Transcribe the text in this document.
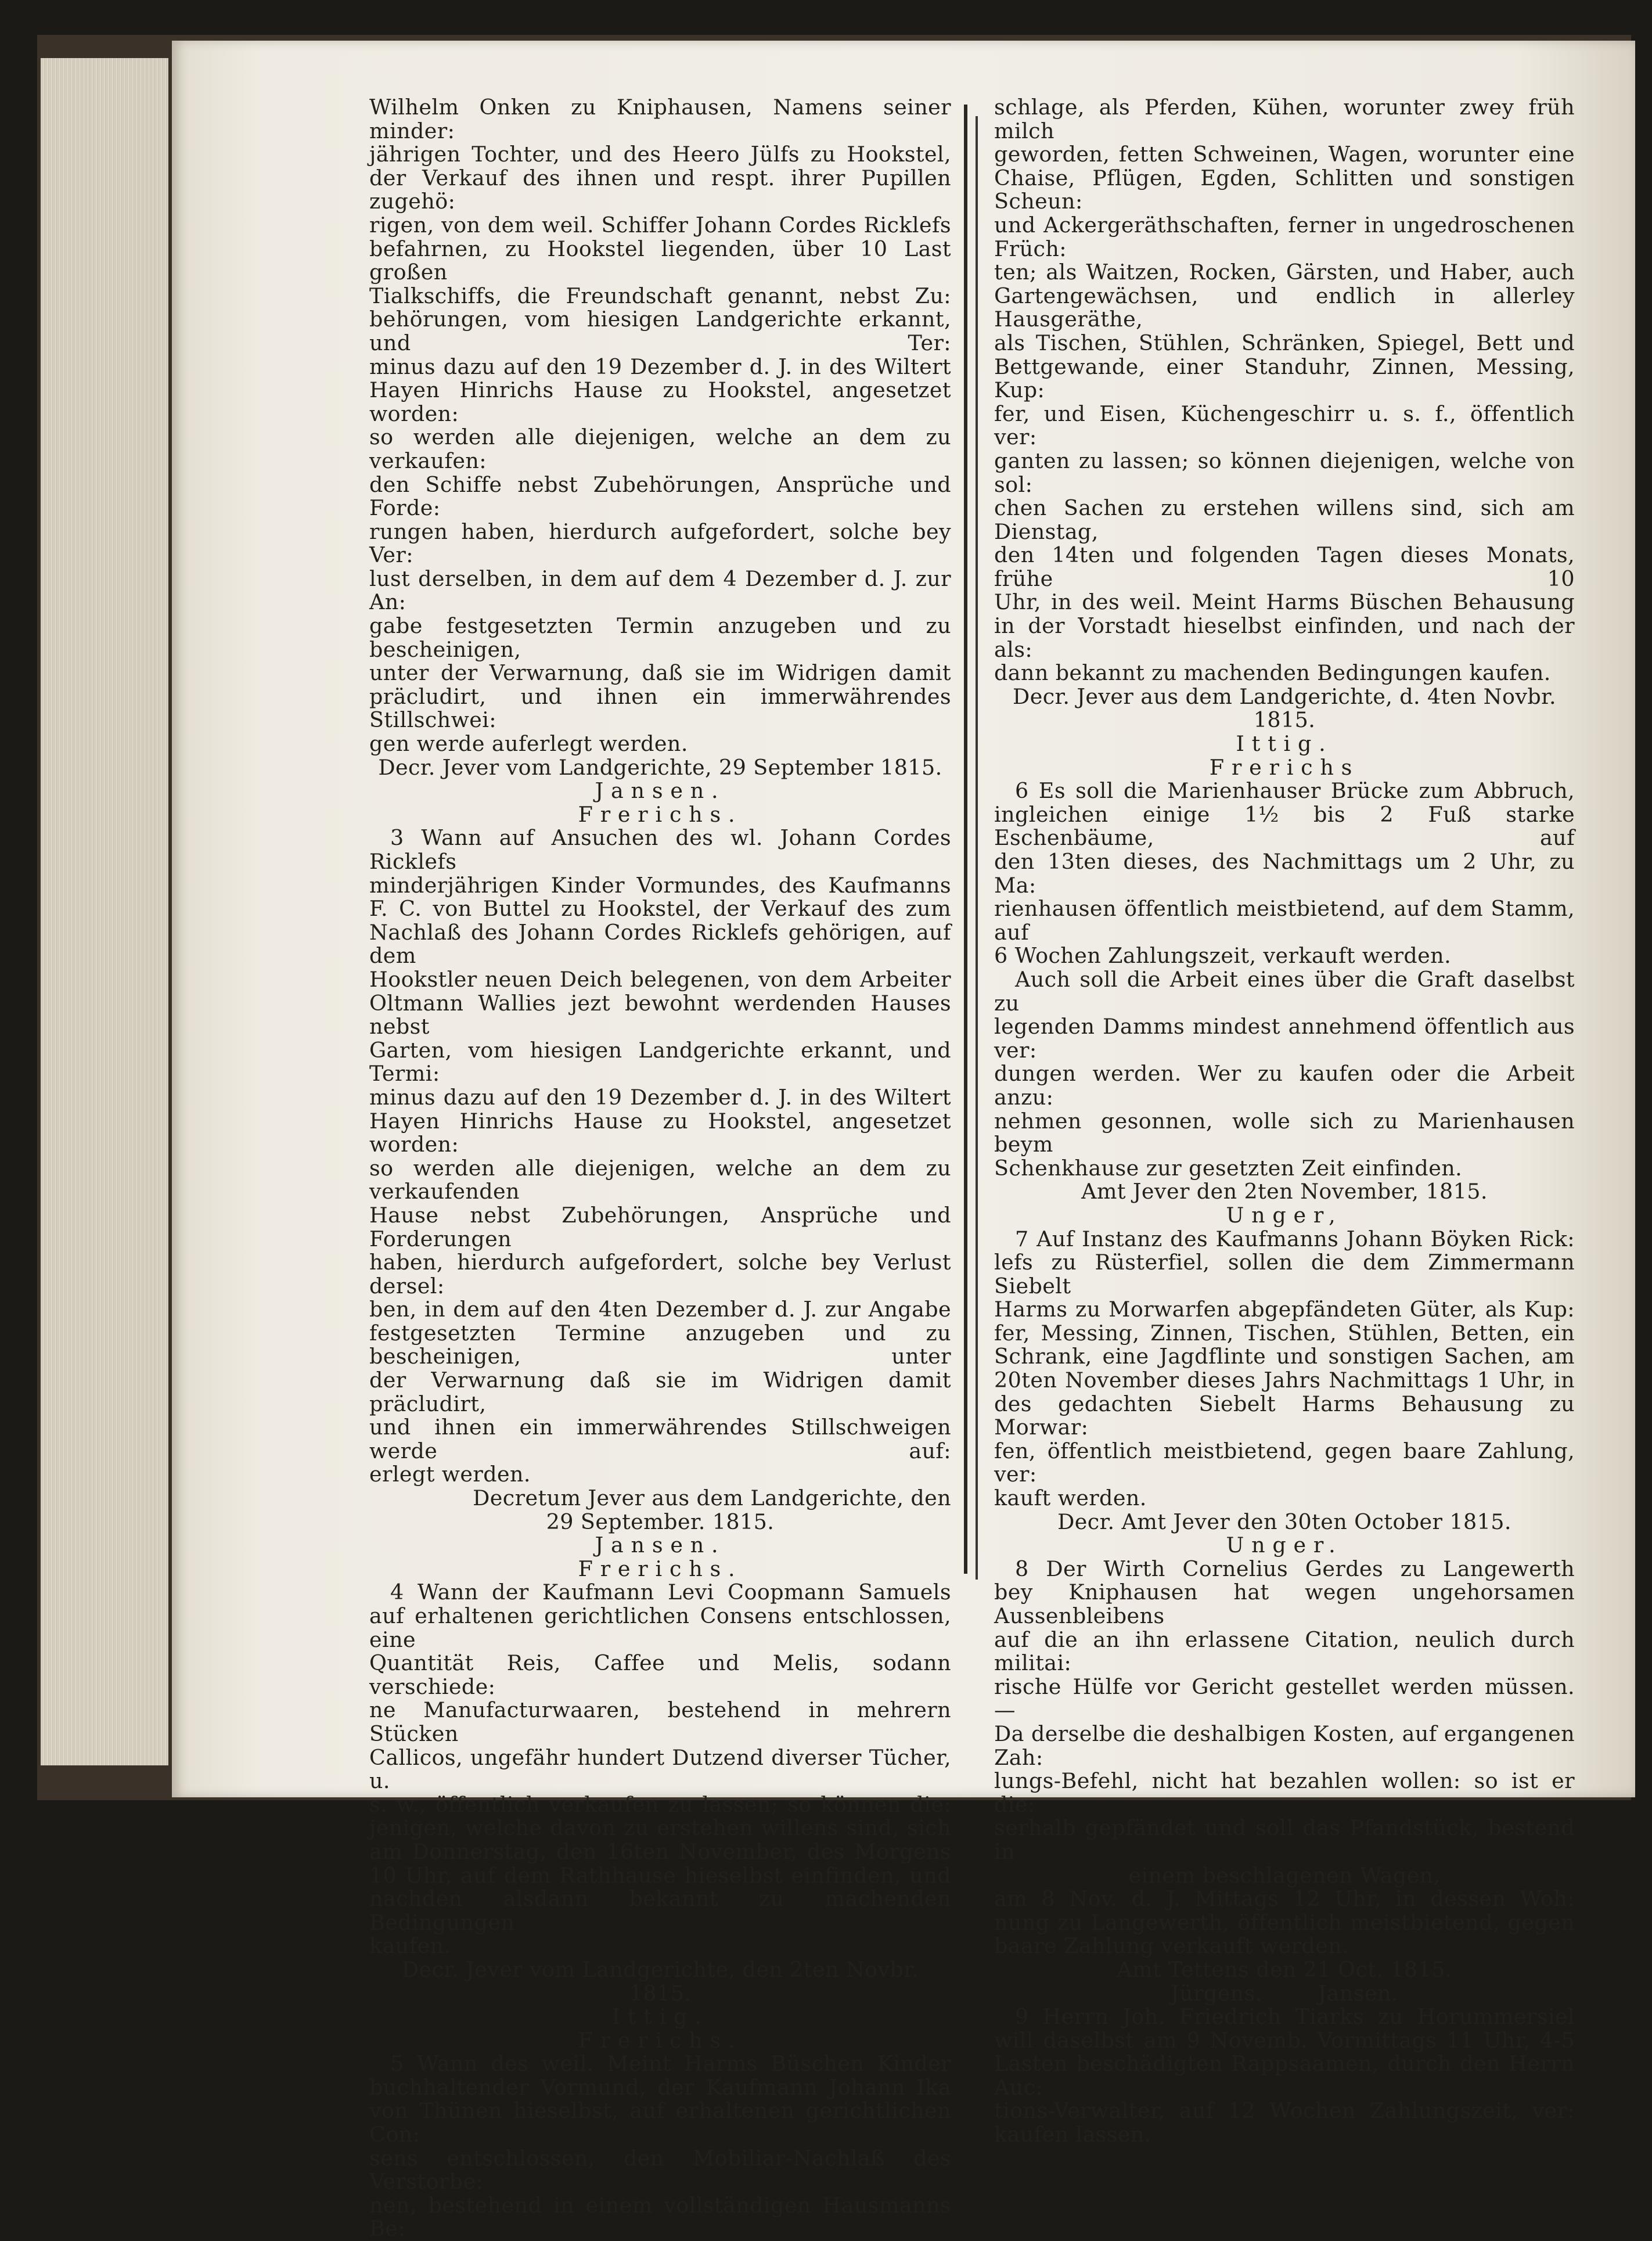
Wilhelm Onken zu Kniphausen, Namens seiner minder:

jährigen Tochter, und des Heero Jülfs zu Hookstel,

der Verkauf des ihnen und respt. ihrer Pupillen zugehö:

rigen, von dem weil. Schiffer Johann Cordes Ricklefs

befahrnen, zu Hookstel liegenden, über 10 Last großen

Tialkschiffs, die Freundschaft genannt, nebst Zu:

behörungen, vom hiesigen Landgerichte erkannt, und Ter:

minus dazu auf den 19 Dezember d. J. in des Wiltert

Hayen Hinrichs Hause zu Hookstel, angesetzet worden:

so werden alle diejenigen, welche an dem zu verkaufen:

den Schiffe nebst Zubehörungen, Ansprüche und Forde:

rungen haben, hierdurch aufgefordert, solche bey Ver:

lust derselben, in dem auf dem 4 Dezember d. J. zur An:

gabe festgesetzten Termin anzugeben und zu bescheinigen,

unter der Verwarnung, daß sie im Widrigen damit

präcludirt, und ihnen ein immerwährendes Stillschwei:

gen werde auferlegt werden.

Decr. Jever vom Landgerichte, 29 September 1815.

Jansen.

Frerichs.

3 Wann auf Ansuchen des wl. Johann Cordes Ricklefs

minderjährigen Kinder Vormundes, des Kaufmanns

F. C. von Buttel zu Hookstel, der Verkauf des zum

Nachlaß des Johann Cordes Ricklefs gehörigen, auf dem

Hookstler neuen Deich belegenen, von dem Arbeiter

Oltmann Wallies jezt bewohnt werdenden Hauses nebst

Garten, vom hiesigen Landgerichte erkannt, und Termi:

minus dazu auf den 19 Dezember d. J. in des Wiltert

Hayen Hinrichs Hause zu Hookstel, angesetzet worden:

so werden alle diejenigen, welche an dem zu verkaufenden

Hause nebst Zubehörungen, Ansprüche und Forderungen

haben, hierdurch aufgefordert, solche bey Verlust dersel:

ben, in dem auf den 4ten Dezember d. J. zur Angabe

festgesetzten Termine anzugeben und zu bescheinigen, unter

der Verwarnung daß sie im Widrigen damit präcludirt,

und ihnen ein immerwährendes Stillschweigen werde auf:

erlegt werden.

Decretum Jever aus dem Landgerichte, den

29 September. 1815.

Jansen.

Frerichs.

4 Wann der Kaufmann Levi Coopmann Samuels

auf erhaltenen gerichtlichen Consens entschlossen, eine

Quantität Reis, Caffee und Melis, sodann verschiede:

ne Manufacturwaaren, bestehend in mehrern Stücken

Callicos, ungefähr hundert Dutzend diverser Tücher, u.

s. w., öffentlich verkaufen zu lassen; so können die:

jenigen, welche davon zu erstehen willens sind, sich

am Donnerstag, den 16ten November, des Morgens

10 Uhr, auf dem Rathhause hieselbst einfinden, und

nachden alsdann bekannt zu machenden Bedingungen

kaufen.

Decr. Jever vom Landgerichte, den 2ten Novbr. 1815.

Ittig.

Frerichs.

5 Wann des weil. Meint Harms Büschen Kinder

buchhaltender Vormund, der Kaufmann Johann Ika

von Thünen hieselbst, auf erhaltenen gerichtlichen Con:

sens entschlossen, den Mobiliar-Nachlaß des Verstorbe:

nen, bestehend in einem vollständigen Hausmanns Be:

schlage, als Pferden, Kühen, worunter zwey früh milch

geworden, fetten Schweinen, Wagen, worunter eine

Chaise, Pflügen, Egden, Schlitten und sonstigen Scheun:

und Ackergeräthschaften, ferner in ungedroschenen Früch:

ten; als Waitzen, Rocken, Gärsten, und Haber, auch

Gartengewächsen, und endlich in allerley Hausgeräthe,

als Tischen, Stühlen, Schränken, Spiegel, Bett und

Bettgewande, einer Standuhr, Zinnen, Messing, Kup:

fer, und Eisen, Küchengeschirr u. s. f., öffentlich ver:

ganten zu lassen; so können diejenigen, welche von sol:

chen Sachen zu erstehen willens sind, sich am Dienstag,

den 14ten und folgenden Tagen dieses Monats, frühe 10

Uhr, in des weil. Meint Harms Büschen Behausung

in der Vorstadt hieselbst einfinden, und nach der als:

dann bekannt zu machenden Bedingungen kaufen.

Decr. Jever aus dem Landgerichte, d. 4ten Novbr. 1815.

Ittig.

Frerichs

6 Es soll die Marienhauser Brücke zum Abbruch,

ingleichen einige 1½ bis 2 Fuß starke Eschenbäume, auf

den 13ten dieses, des Nachmittags um 2 Uhr, zu Ma:

rienhausen öffentlich meistbietend, auf dem Stamm, auf

6 Wochen Zahlungszeit, verkauft werden.

Auch soll die Arbeit eines über die Graft daselbst zu

legenden Damms mindest annehmend öffentlich aus ver:

dungen werden. Wer zu kaufen oder die Arbeit anzu:

nehmen gesonnen, wolle sich zu Marienhausen beym

Schenkhause zur gesetzten Zeit einfinden.

Amt Jever den 2ten November, 1815.

Unger,

7 Auf Instanz des Kaufmanns Johann Böyken Rick:

lefs zu Rüsterfiel, sollen die dem Zimmermann Siebelt

Harms zu Morwarfen abgepfändeten Güter, als Kup:

fer, Messing, Zinnen, Tischen, Stühlen, Betten, ein

Schrank, eine Jagdflinte und sonstigen Sachen, am

20ten November dieses Jahrs Nachmittags 1 Uhr, in

des gedachten Siebelt Harms Behausung zu Morwar:

fen, öffentlich meistbietend, gegen baare Zahlung, ver:

kauft werden.

Decr. Amt Jever den 30ten October 1815.

Unger.

8 Der Wirth Cornelius Gerdes zu Langewerth

bey Kniphausen hat wegen ungehorsamen Aussenbleibens

auf die an ihn erlassene Citation, neulich durch militai:

rische Hülfe vor Gericht gestellet werden müssen. —

Da derselbe die deshalbigen Kosten, auf ergangenen Zah:

lungs-Befehl, nicht hat bezahlen wollen: so ist er die:

serhalb gepfändet und soll das Pfandstück, bestend in

einem beschlagenen Wagen,

am 8 Nov. d. J. Mittags 12 Uhr, in dessen Woh:

nung zu Langewerth, öffentlich meistbietend, gegen

baare Zahlung verkauft werden.

Amt Tettens den 21 Oct. 1815.

Jürgens.        Jansen.

9 Herrn Joh. Friedrich Tiarks zu Horummersiel

will daselbst am 9 Novemb. Vormittags 11 Uhr, 4-5

Lasten beschädigten Rappsaamen, durch den Herrn Auc:

tions-Verwalter, auf 12 Wochen Zahlungszeit, ver:

kaufen lassen.
